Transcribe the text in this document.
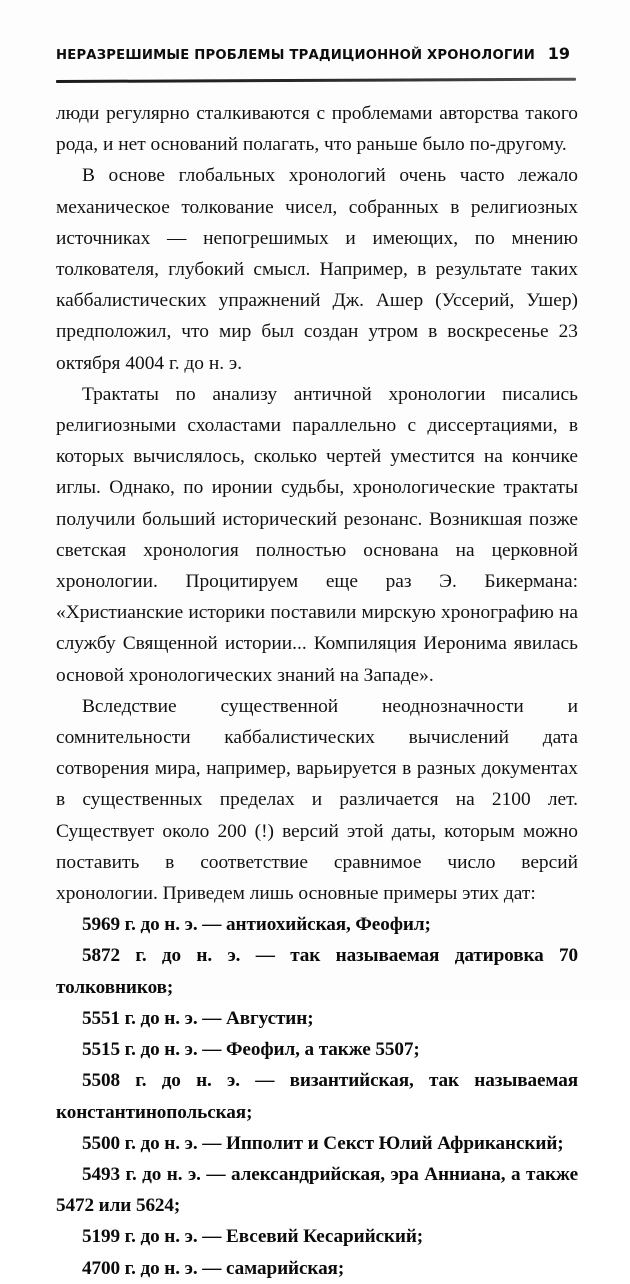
НЕРАЗРЕШИМЫЕ ПРОБЛЕМЫ ТРАДИЦИОННОЙ ХРОНОЛОГИИ 19

люди регулярно сталкиваются с проблемами авторства такого рода, и нет оснований полагать, что раньше было по-другому.

В основе глобальных хронологий очень часто лежало механическое толкование чисел, собранных в религиозных источниках — непогрешимых и имеющих, по мнению толкователя, глубокий смысл. Например, в результате таких каббалистических упражнений Дж. Ашер (Уссерий, Ушер) предположил, что мир был создан утром в воскресенье 23 октября 4004 г. до н. э.

Трактаты по анализу античной хронологии писались религиозными схоластами параллельно с диссертациями, в которых вычислялось, сколько чертей уместится на кончике иглы. Однако, по иронии судьбы, хронологические трактаты получили больший исторический резонанс. Возникшая позже светская хронология полностью основана на церковной хронологии. Процитируем еще раз Э. Бикермана: «Христианские историки поставили мирскую хронографию на службу Священной истории... Компиляция Иеронима явилась основой хронологических знаний на Западе».

Вследствие существенной неоднозначности и сомнительности каббалистических вычислений дата сотворения мира, например, варьируется в разных документах в существенных пределах и различается на 2100 лет. Существует около 200 (!) версий этой даты, которым можно поставить в соответствие сравнимое число версий хронологии. Приведем лишь основные примеры этих дат:

5969 г. до н. э. — антиохийская, Феофил;

5872 г. до н. э. — так называемая датировка 70 толковников;

5551 г. до н. э. — Августин;

5515 г. до н. э. — Феофил, а также 5507;

5508 г. до н. э. — византийская, так называемая константинопольская;

5500 г. до н. э. — Ипполит и Секст Юлий Африканский;

5493 г. до н. э. — александрийская, эра Анниана, а также 5472 или 5624;

5199 г. до н. э. — Евсевий Кесарийский;

4700 г. до н. э. — самарийская;
